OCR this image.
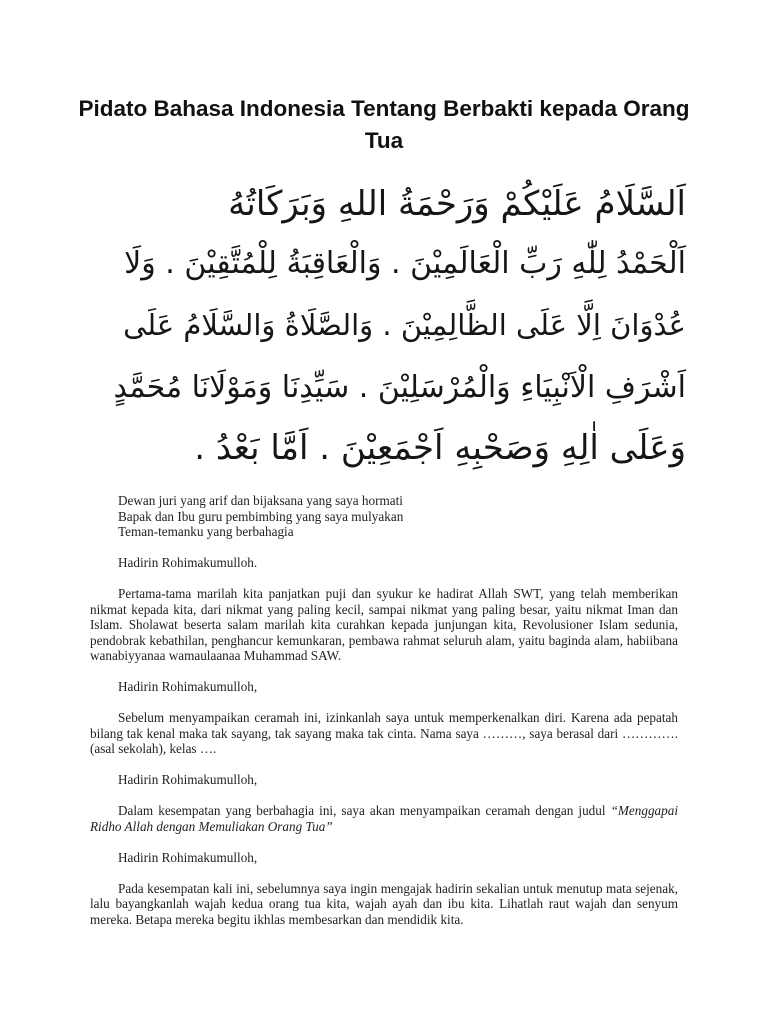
Pidato Bahasa Indonesia Tentang Berbakti kepada Orang Tua
اَلسَّلَامُ عَلَيْكُمْ وَرَحْمَةُ اللهِ وَبَرَكَاتُهُ
اَلْحَمْدُ لِلّٰهِ رَبِّ الْعَالَمِيْنَ . وَالْعَاقِبَةُ لِلْمُتَّقِيْنَ . وَلَا
عُدْوَانَ اِلَّا عَلَى الظَّالِمِيْنَ . وَالصَّلَاةُ وَالسَّلَامُ عَلَى
اَشْرَفِ الْاَنْبِيَاءِ وَالْمُرْسَلِيْنَ . سَيِّدِنَا وَمَوْلَانَا مُحَمَّدٍ
وَعَلَى اٰلِهِ وَصَحْبِهِ اَجْمَعِيْنَ . اَمَّا بَعْدُ .

Dewan juri yang arif dan bijaksana yang saya hormati

Bapak dan Ibu guru pembimbing yang saya mulyakan

Teman-temanku yang berbahagia

Hadirin Rohimakumulloh.

Pertama-tama marilah kita panjatkan puji dan syukur ke hadirat Allah SWT, yang telah memberikan nikmat kepada kita, dari nikmat yang paling kecil, sampai nikmat yang paling besar, yaitu nikmat Iman dan Islam. Sholawat beserta salam marilah kita curahkan kepada junjungan kita, Revolusioner Islam sedunia, pendobrak kebathilan, penghancur kemunkaran, pembawa rahmat seluruh alam, yaitu baginda alam, habiibana wanabiyyanaa wamaulaanaa Muhammad SAW.

Hadirin Rohimakumulloh,

Sebelum menyampaikan ceramah ini, izinkanlah saya untuk memperkenalkan diri. Karena ada pepatah bilang tak kenal maka tak sayang, tak sayang maka tak cinta. Nama saya ………, saya berasal dari …………. (asal sekolah), kelas ….

Hadirin Rohimakumulloh,

Dalam kesempatan yang berbahagia ini, saya akan menyampaikan ceramah dengan judul “Menggapai Ridho Allah dengan Memuliakan Orang Tua”

Hadirin Rohimakumulloh,

Pada kesempatan kali ini, sebelumnya saya ingin mengajak hadirin sekalian untuk menutup mata sejenak, lalu bayangkanlah wajah kedua orang tua kita, wajah ayah dan ibu kita. Lihatlah raut wajah dan senyum mereka. Betapa mereka begitu ikhlas membesarkan dan mendidik kita.
